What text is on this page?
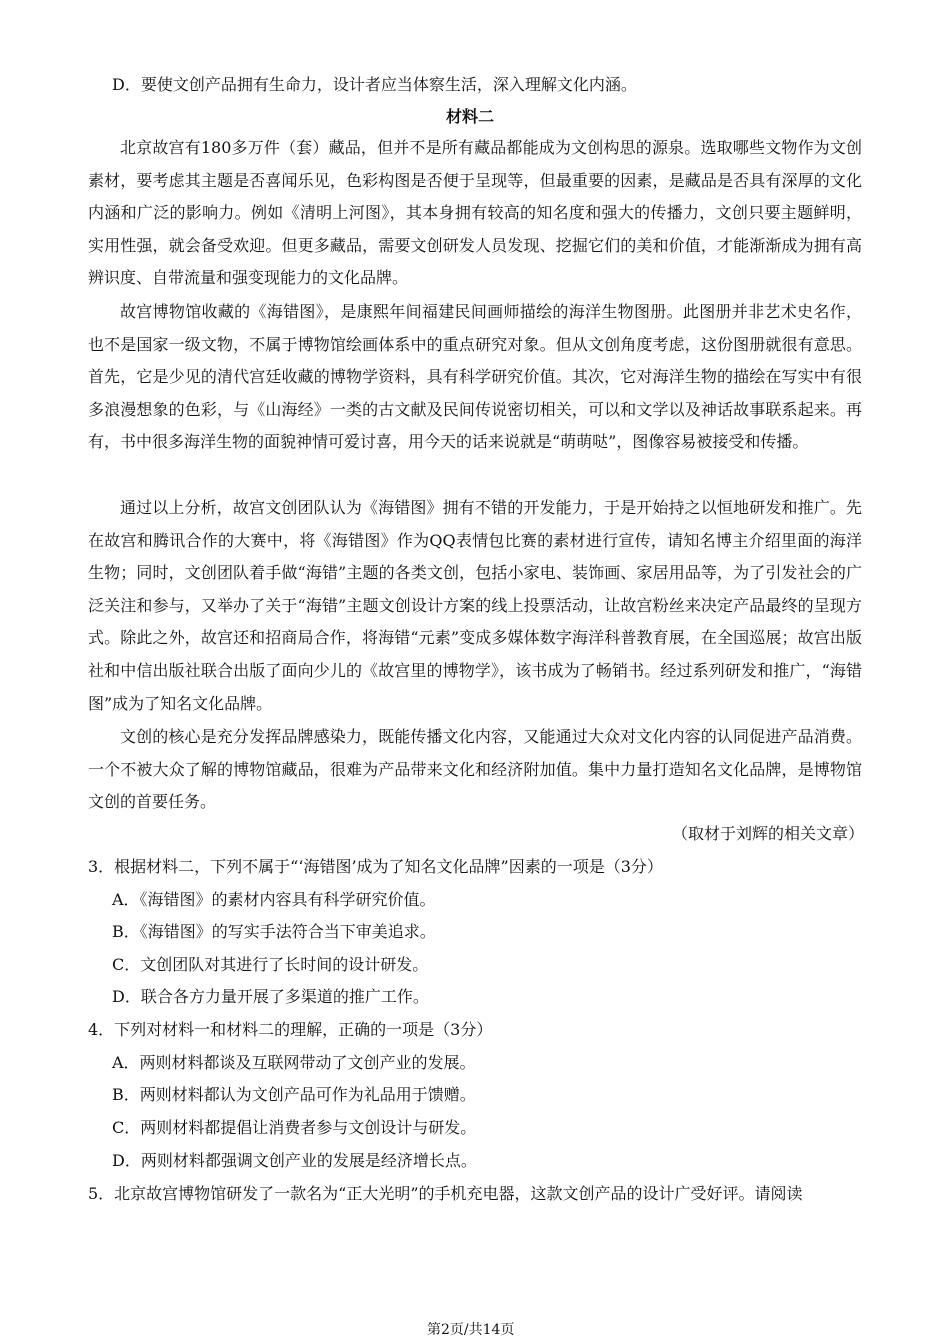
D．要使文创产品拥有生命力，设计者应当体察生活，深入理解文化内涵。
材料二
北京故宫有180多万件（套）藏品，但并不是所有藏品都能成为文创构思的源泉。选取哪些文物作为文创素材，要考虑其主题是否喜闻乐见，色彩构图是否便于呈现等，但最重要的因素，是藏品是否具有深厚的文化内涵和广泛的影响力。例如《清明上河图》，其本身拥有较高的知名度和强大的传播力，文创只要主题鲜明，实用性强，就会备受欢迎。但更多藏品，需要文创研发人员发现、挖掘它们的美和价值，才能渐渐成为拥有高辨识度、自带流量和强变现能力的文化品牌。
故宫博物馆收藏的《海错图》，是康熙年间福建民间画师描绘的海洋生物图册。此图册并非艺术史名作，也不是国家一级文物，不属于博物馆绘画体系中的重点研究对象。但从文创角度考虑，这份图册就很有意思。首先，它是少见的清代宫廷收藏的博物学资料，具有科学研究价值。其次，它对海洋生物的描绘在写实中有很多浪漫想象的色彩，与《山海经》一类的古文献及民间传说密切相关，可以和文学以及神话故事联系起来。再有，书中很多海洋生物的面貌神情可爱讨喜，用今天的话来说就是“萌萌哒”，图像容易被接受和传播。
通过以上分析，故宫文创团队认为《海错图》拥有不错的开发能力，于是开始持之以恒地研发和推广。先在故宫和腾讯合作的大赛中，将《海错图》作为QQ表情包比赛的素材进行宣传，请知名博主介绍里面的海洋生物；同时，文创团队着手做“海错”主题的各类文创，包括小家电、装饰画、家居用品等，为了引发社会的广泛关注和参与，又举办了关于“海错”主题文创设计方案的线上投票活动，让故宫粉丝来决定产品最终的呈现方式。除此之外，故宫还和招商局合作，将海错“元素”变成多媒体数字海洋科普教育展，在全国巡展；故宫出版社和中信出版社联合出版了面向少儿的《故宫里的博物学》，该书成为了畅销书。经过系列研发和推广，“海错图”成为了知名文化品牌。
文创的核心是充分发挥品牌感染力，既能传播文化内容，又能通过大众对文化内容的认同促进产品消费。一个不被大众了解的博物馆藏品，很难为产品带来文化和经济附加值。集中力量打造知名文化品牌，是博物馆文创的首要任务。
（取材于刘辉的相关文章）
3．根据材料二，下列不属于“‘海错图’成为了知名文化品牌”因素的一项是（3分）
A．《海错图》的素材内容具有科学研究价值。
B．《海错图》的写实手法符合当下审美追求。
C．文创团队对其进行了长时间的设计研发。
D．联合各方力量开展了多渠道的推广工作。
4．下列对材料一和材料二的理解，正确的一项是（3分）
A．两则材料都谈及互联网带动了文创产业的发展。
B．两则材料都认为文创产品可作为礼品用于馈赠。
C．两则材料都提倡让消费者参与文创设计与研发。
D．两则材料都强调文创产业的发展是经济增长点。
5．北京故宫博物馆研发了一款名为“正大光明”的手机充电器，这款文创产品的设计广受好评。请阅读
第2页/共14页
